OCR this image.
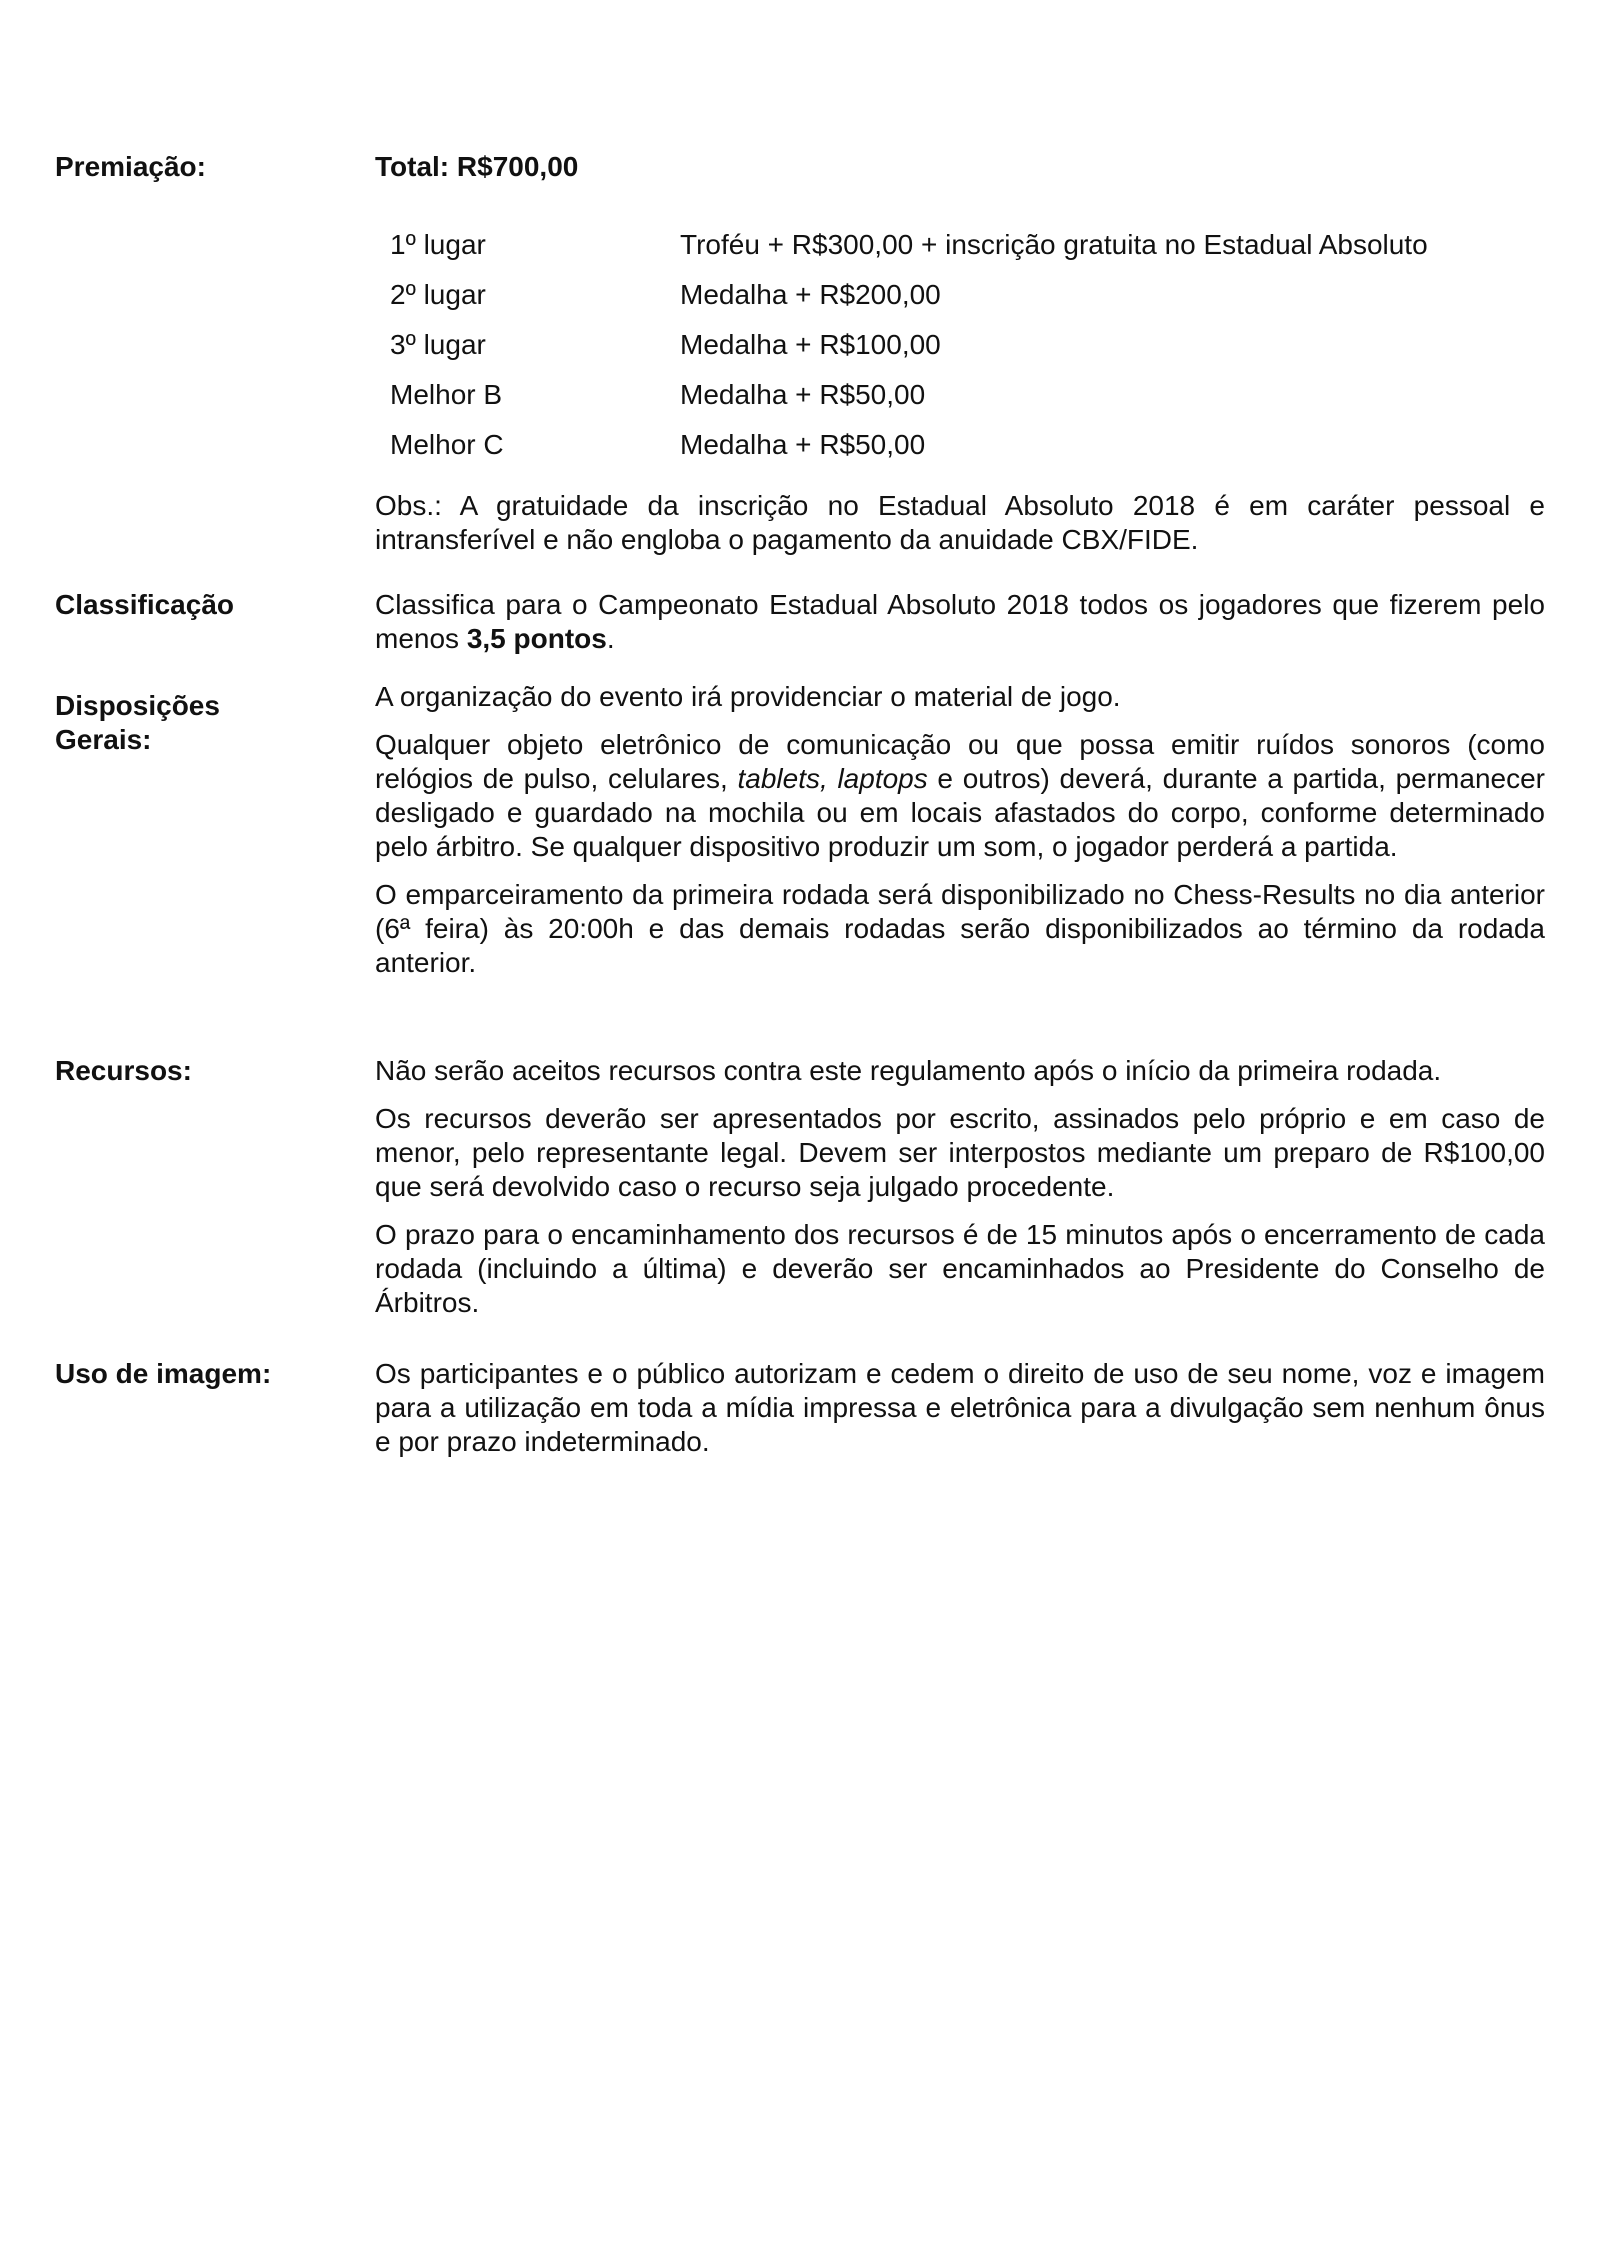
Premiação:	Total: R$700,00
1º lugar	Troféu + R$300,00 + inscrição gratuita no Estadual Absoluto
2º lugar	Medalha + R$200,00
3º lugar	Medalha + R$100,00
Melhor B	Medalha + R$50,00
Melhor C	Medalha + R$50,00

Obs.: A gratuidade da inscrição no Estadual Absoluto 2018 é em caráter pessoal e intransferível e não engloba o pagamento da anuidade CBX/FIDE.

Classificação	Classifica para o Campeonato Estadual Absoluto 2018 todos os jogadores que fizerem pelo menos 3,5 pontos.

Disposições
Gerais:

A organização do evento irá providenciar o material de jogo.

Qualquer objeto eletrônico de comunicação ou que possa emitir ruídos sonoros (como relógios de pulso, celulares, tablets, laptops e outros) deverá, durante a partida, permanecer desligado e guardado na mochila ou em locais afastados do corpo, conforme determinado pelo árbitro. Se qualquer dispositivo produzir um som, o jogador perderá a partida.

O emparceiramento da primeira rodada será disponibilizado no Chess-Results no dia anterior (6ª feira) às 20:00h e das demais rodadas serão disponibilizados ao término da rodada anterior.

Recursos:	Não serão aceitos recursos contra este regulamento após o início da primeira rodada.

Os recursos deverão ser apresentados por escrito, assinados pelo próprio e em caso de menor, pelo representante legal. Devem ser interpostos mediante um preparo de R$100,00 que será devolvido caso o recurso seja julgado procedente.

O prazo para o encaminhamento dos recursos é de 15 minutos após o encerramento de cada rodada (incluindo a última) e deverão ser encaminhados ao Presidente do Conselho de Árbitros.

Uso de imagem:	Os participantes e o público autorizam e cedem o direito de uso de seu nome, voz e imagem para a utilização em toda a mídia impressa e eletrônica para a divulgação sem nenhum ônus e por prazo indeterminado.
